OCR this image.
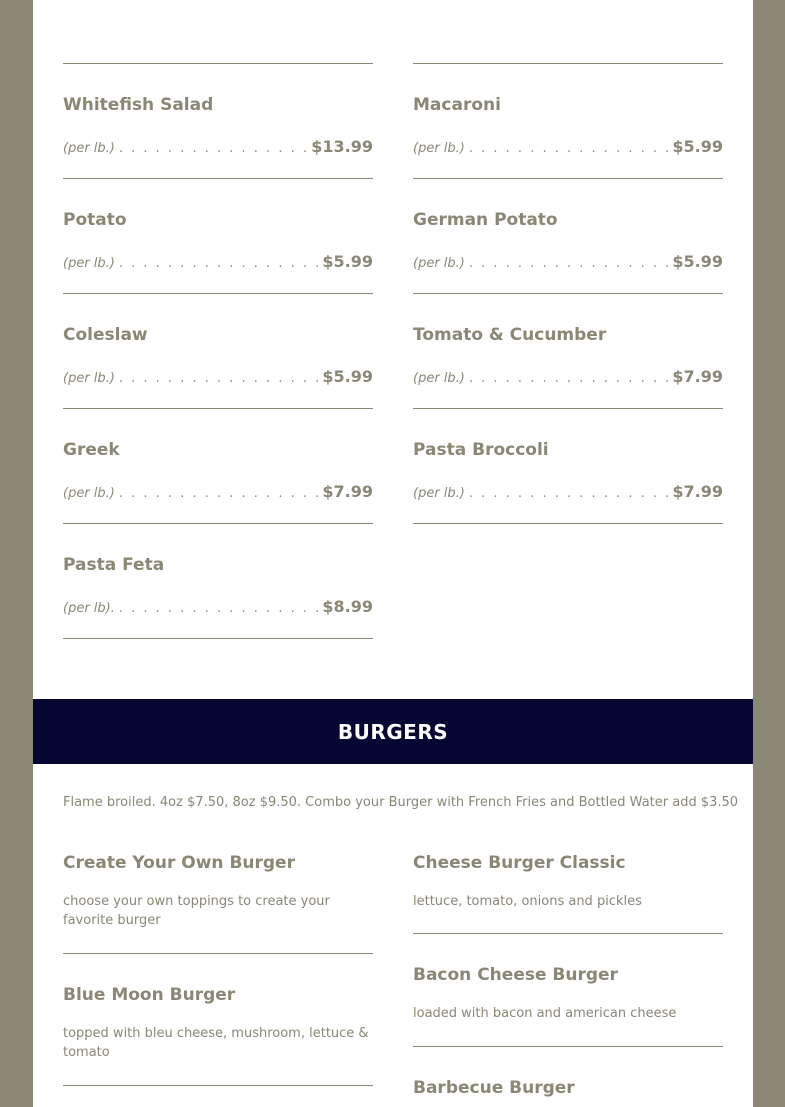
Whitefish Salad
(per lb.) . . .	$13.99
Potato
(per lb.) . . .	$5.99
Coleslaw
(per lb.) . . .	$5.99
Greek
(per lb.) . . .	$7.99
Pasta Feta
(per lb). . . .	$8.99
Macaroni
(per lb.) . . .	$5.99
German Potato
(per lb.) . . .	$5.99
Tomato & Cucumber
(per lb.) . . .	$7.99
Pasta Broccoli
(per lb.) . . .	$7.99
BURGERS
Flame broiled. 4oz $7.50, 8oz $9.50. Combo your Burger with French Fries and Bottled Water add $3.50
Create Your Own Burger
choose your own toppings to create your favorite burger
Blue Moon Burger
topped with bleu cheese, mushroom, lettuce & tomato
Cheese Burger Classic
lettuce, tomato, onions and pickles
Bacon Cheese Burger
loaded with bacon and american cheese
Barbecue Burger
